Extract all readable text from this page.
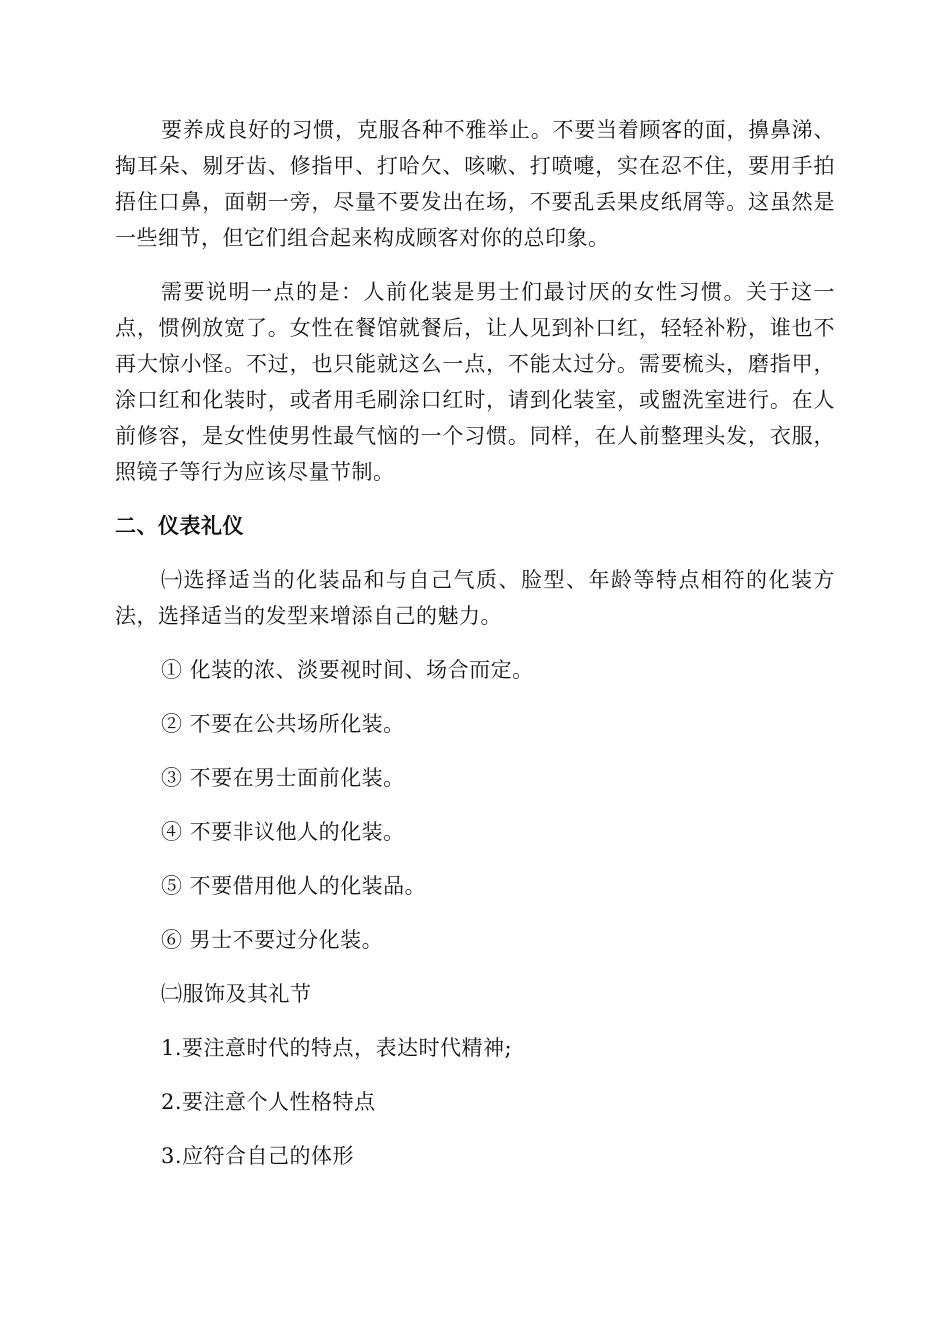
要养成良好的习惯，克服各种不雅举止。不要当着顾客的面，擤鼻涕、掏耳朵、剔牙齿、修指甲、打哈欠、咳嗽、打喷嚏，实在忍不住，要用手拍捂住口鼻，面朝一旁，尽量不要发出在场，不要乱丢果皮纸屑等。这虽然是一些细节，但它们组合起来构成顾客对你的总印象。

需要说明一点的是：人前化装是男士们最讨厌的女性习惯。关于这一点，惯例放宽了。女性在餐馆就餐后，让人见到补口红，轻轻补粉，谁也不再大惊小怪。不过，也只能就这么一点，不能太过分。需要梳头，磨指甲，涂口红和化装时，或者用毛刷涂口红时，请到化装室，或盥洗室进行。在人前修容，是女性使男性最气恼的一个习惯。同样，在人前整理头发，衣服，照镜子等行为应该尽量节制。

二、仪表礼仪

㈠选择适当的化装品和与自己气质、脸型、年龄等特点相符的化装方法，选择适当的发型来增添自己的魅力。

① 化装的浓、淡要视时间、场合而定。
② 不要在公共场所化装。
③ 不要在男士面前化装。
④ 不要非议他人的化装。
⑤ 不要借用他人的化装品。
⑥ 男士不要过分化装。
㈡服饰及其礼节
1.要注意时代的特点，表达时代精神;
2.要注意个人性格特点
3.应符合自己的体形
